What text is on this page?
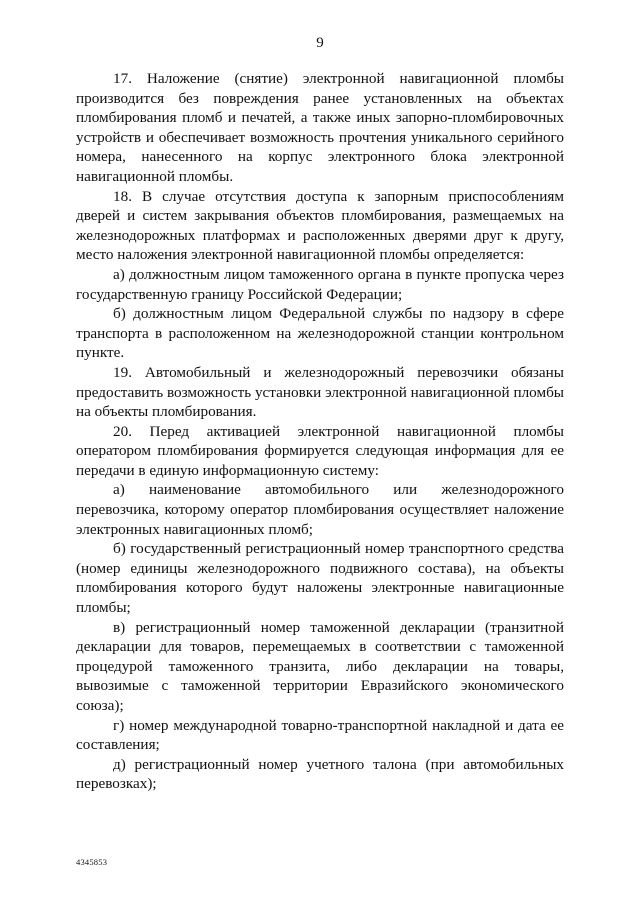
9

17. Наложение (снятие) электронной навигационной пломбы производится без повреждения ранее установленных на объектах пломбирования пломб и печатей, а также иных запорно-пломбировочных устройств и обеспечивает возможность прочтения уникального серийного номера, нанесенного на корпус электронного блока электронной навигационной пломбы.

18. В случае отсутствия доступа к запорным приспособлениям дверей и систем закрывания объектов пломбирования, размещаемых на железнодорожных платформах и расположенных дверями друг к другу, место наложения электронной навигационной пломбы определяется:

а) должностным лицом таможенного органа в пункте пропуска через государственную границу Российской Федерации;

б) должностным лицом Федеральной службы по надзору в сфере транспорта в расположенном на железнодорожной станции контрольном пункте.

19. Автомобильный и железнодорожный перевозчики обязаны предоставить возможность установки электронной навигационной пломбы на объекты пломбирования.

20. Перед активацией электронной навигационной пломбы оператором пломбирования формируется следующая информация для ее передачи в единую информационную систему:

а) наименование автомобильного или железнодорожного перевозчика, которому оператор пломбирования осуществляет наложение электронных навигационных пломб;

б) государственный регистрационный номер транспортного средства (номер единицы железнодорожного подвижного состава), на объекты пломбирования которого будут наложены электронные навигационные пломбы;

в) регистрационный номер таможенной декларации (транзитной декларации для товаров, перемещаемых в соответствии с таможенной процедурой таможенного транзита, либо декларации на товары, вывозимые с таможенной территории Евразийского экономического союза);

г) номер международной товарно-транспортной накладной и дата ее составления;

д) регистрационный номер учетного талона (при автомобильных перевозках);

4345853
